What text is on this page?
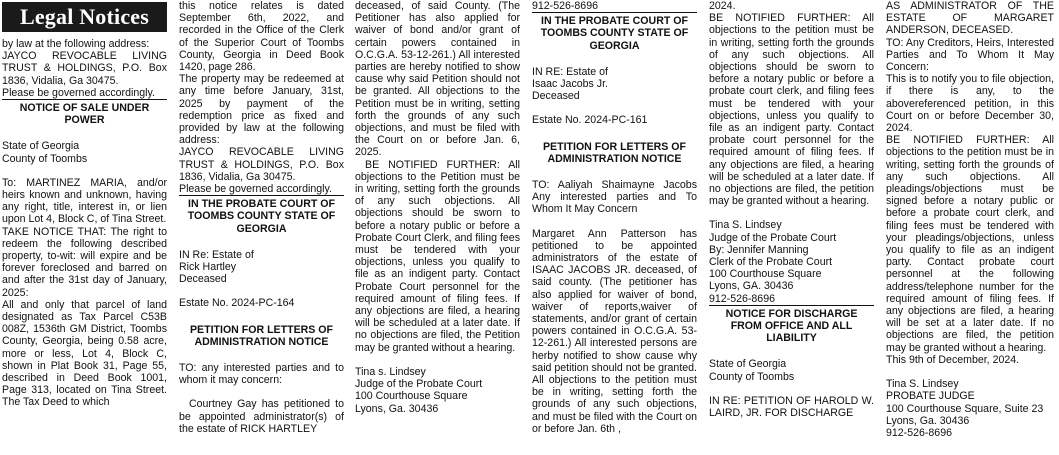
Legal Notices

by law at the following address:

JAYCO REVOCABLE LIVING TRUST & HOLDINGS, P.O. Box 1836, Vidalia, Ga 30475.

Please be governed accordingly.

NOTICE OF SALE UNDER POWER

State of Georgia

County of Toombs

To: MARTINEZ MARIA, and/or heirs known and unknown, having any right, title, interest in, or lien upon Lot 4, Block C, of Tina Street.

TAKE NOTICE THAT: The right to redeem the following described property, to-wit: will expire and be forever foreclosed and barred on and after the 31st day of January, 2025:

All and only that parcel of land designated as Tax Parcel C53B 008Z, 1536th GM District, Toombs County, Georgia, being 0.58 acre, more or less, Lot 4, Block C, shown in Plat Book 31, Page 55, described in Deed Book 1001, Page 313, located on Tina Street. The Tax Deed to which

this notice relates is dated September 6th, 2022, and recorded in the Office of the Clerk of the Superior Court of Toombs County, Georgia in Deed Book 1420, page 286.

The property may be redeemed at any time before January, 31st, 2025 by payment of the redemption price as fixed and provided by law at the following address:

JAYCO REVOCABLE LIVING TRUST & HOLDINGS, P.O. Box 1836, Vidalia, Ga 30475.

Please be governed accordingly.

IN THE PROBATE COURT OF TOOMBS COUNTY STATE OF GEORGIA

IN Re: Estate of

Rick Hartley

Deceased

Estate No. 2024-PC-164

PETITION FOR LETTERS OF ADMINISTRATION NOTICE

TO: any interested parties and to whom it may concern:

Courtney Gay has petitioned to be appointed administrator(s) of the estate of RICK HARTLEY

deceased, of said County. (The Petitioner has also applied for waiver of bond and/or grant of certain powers contained in O.C.G.A. 53-12-261.) All interested parties are hereby notified to show cause why said Petition should not be granted. All objections to the Petition must be in writing, setting forth the grounds of any such objections, and must be filed with the Court on or before Jan. 6, 2025.

BE NOTIFIED FURTHER: All objections to the Petition must be in writing, setting forth the grounds of any such objections. All objections should be sworn to before a notary public or before a Probate Court Clerk, and filing fees must be tendered with your objections, unless you qualify to file as an indigent party. Contact Probate Court personnel for the required amount of filing fees. If any objections are filed, a hearing will be scheduled at a later date. If no objections are filed, the Petition may be granted without a hearing.

Tina s. Lindsey

Judge of the Probate Court

100 Courthouse Square

Lyons, Ga. 30436

912-526-8696

IN THE PROBATE COURT OF TOOMBS COUNTY STATE OF GEORGIA

IN RE: Estate of

Isaac Jacobs Jr.

Deceased

Estate No. 2024-PC-161

PETITION FOR LETTERS OF ADMINISTRATION NOTICE

TO: Aaliyah Shaimayne Jacobs Any interested parties and To Whom It May Concern

Margaret Ann Patterson has petitioned to be appointed administrators of the estate of ISAAC JACOBS JR. deceased, of said county. (The petitioner has also applied for waiver of bond, waiver of reports,waiver of statements, and/or grant of certain powers contained in O.C.G.A. 53-12-261.) All interested persons are herby notified to show cause why said petition should not be granted. All objections to the petition must be in writing, setting forth the grounds of any such objections, and must be filed with the Court on or before Jan. 6th ,

2024.

BE NOTIFIED FURTHER: All objections to the petition must be in writing, setting forth the grounds of any such objections. All objections should be sworn to before a notary public or before a probate court clerk, and filing fees must be tendered with your objections, unless you qualify to file as an indigent party. Contact probate court personnel for the required amount of filing fees. If any objections are filed, a hearing will be scheduled at a later date. If no objections are filed, the petition may be granted without a hearing.

Tina S. Lindsey

Judge of the Probate Court

By: Jennifer Manning

Clerk of the Probate Court

100 Courthouse Square

Lyons, GA. 30436

912-526-8696

NOTICE FOR DISCHARGE FROM OFFICE AND ALL LIABILITY

State of Georgia

County of Toombs

IN RE: PETITION OF HAROLD W. LAIRD, JR. FOR DISCHARGE

AS ADMINISTRATOR OF THE ESTATE OF MARGARET ANDERSON, DECEASED.

TO: Any Creditors, Heirs, Interested Parties and To Whom It May Concern:

This is to notify you to file objection, if there is any, to the abovereferenced petition, in this Court on or before December 30, 2024.

BE NOTIFIED FURTHER: All objections to the petition must be in writing, setting forth the grounds of any such objections. All pleadings/objections must be signed before a notary public or before a probate court clerk, and filing fees must be tendered with your pleadings/objections, unless you qualify to file as an indigent party. Contact probate court personnel at the following address/telephone number for the required amount of filing fees. If any objections are filed, a hearing will be set at a later date. If no objections are filed, the petition may be granted without a hearing.

This 9th of December, 2024.

Tina S. Lindsey

PROBATE JUDGE

100 Courthouse Square, Suite 23

Lyons, Ga. 30436

912-526-8696
